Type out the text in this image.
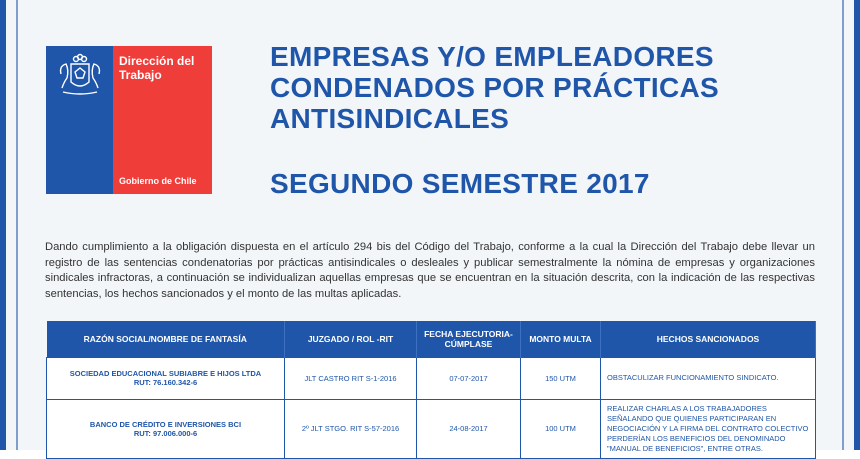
Dirección del Trabajo
Gobierno de Chile
EMPRESAS Y/O EMPLEADORES CONDENADOS POR PRÁCTICAS ANTISINDICALES
SEGUNDO SEMESTRE 2017

Dando cumplimiento a la obligación dispuesta en el artículo 294 bis del Código del Trabajo, conforme a la cual la Dirección del Trabajo debe llevar un registro de las sentencias condenatorias por prácticas antisindicales o desleales y publicar semestralmente la nómina de empresas y organizaciones sindicales infractoras, a continuación se individualizan aquellas empresas que se encuentran en la situación descrita, con la indicación de las respectivas sentencias, los hechos sancionados y el monto de las multas aplicadas.

RAZÓN SOCIAL/NOMBRE DE FANTASÍA	JUZGADO / ROL -RIT	FECHA EJECUTORIA-CÚMPLASE	MONTO MULTA	HECHOS SANCIONADOS

SOCIEDAD EDUCACIONAL SUBIABRE E HIJOS LTDA
RUT: 76.160.342-6	JLT CASTRO RIT S-1-2016	07-07-2017	150 UTM	OBSTACULIZAR FUNCIONAMIENTO SINDICATO.

BANCO DE CRÉDITO E INVERSIONES BCI
RUT: 97.006.000-6	2º JLT STGO. RIT S-57-2016	24-08-2017	100 UTM	REALIZAR CHARLAS A LOS TRABAJADORES SEÑALANDO QUE QUIENES PARTICIPARAN EN NEGOCIACIÓN Y LA FIRMA DEL CONTRATO COLECTIVO PERDERÍAN LOS BENEFICIOS DEL DENOMINADO "MANUAL DE BENEFICIOS", ENTRE OTRAS.
